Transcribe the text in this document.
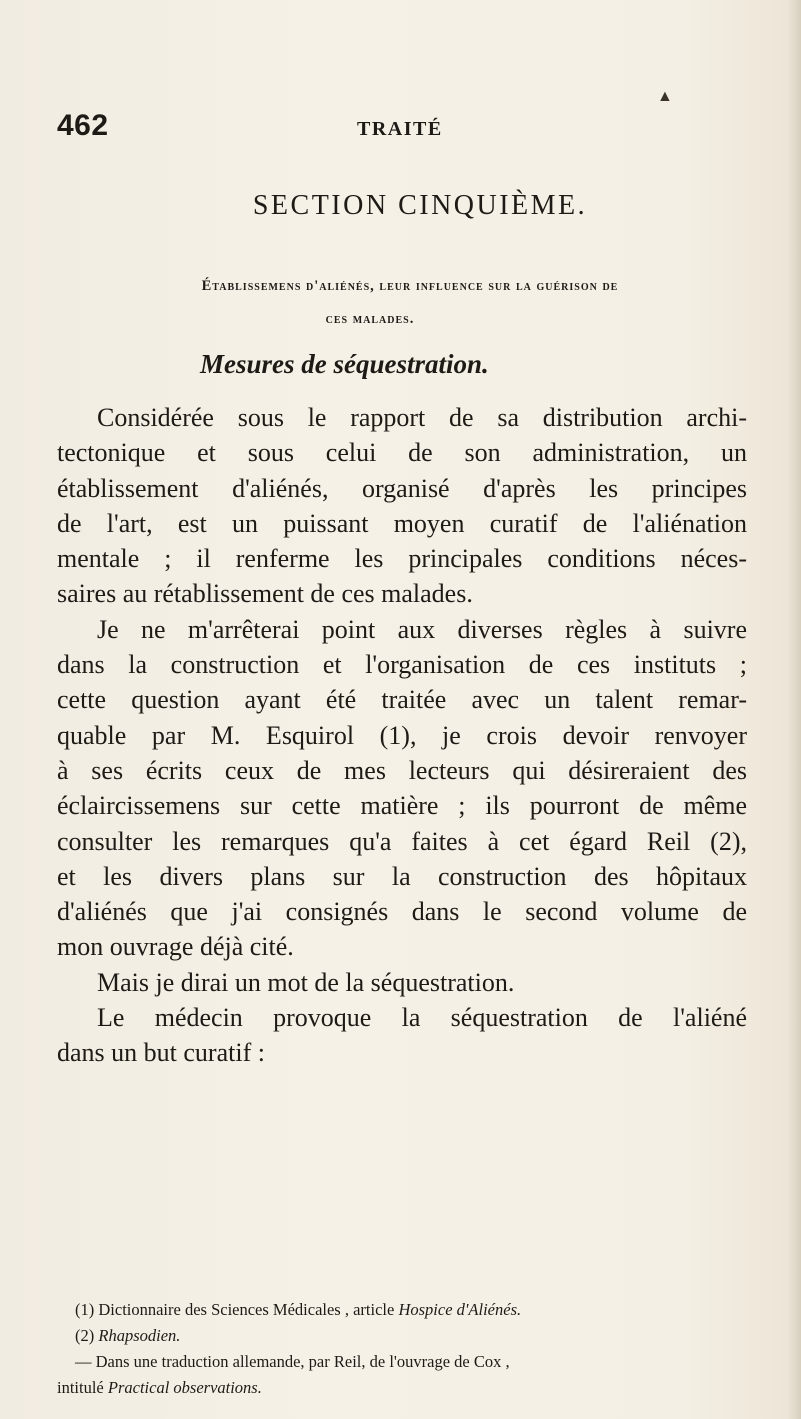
▲
462	TRAITÉ
SECTION CINQUIÈME.
Établissemens d'aliénés, leur influence sur la guérison de
ces malades.
Mesures de séquestration.

Considérée sous le rapport de sa distribution archi-
tectonique et sous celui de son administration, un
établissement d'aliénés, organisé d'après les principes
de l'art, est un puissant moyen curatif de l'aliénation
mentale ; il renferme les principales conditions néces-
saires au rétablissement de ces malades.

Je ne m'arrêterai point aux diverses règles à suivre
dans la construction et l'organisation de ces instituts ;
cette question ayant été traitée avec un talent remar-
quable par M. Esquirol (1), je crois devoir renvoyer
à ses écrits ceux de mes lecteurs qui désireraient des
éclaircissemens sur cette matière ; ils pourront de même
consulter les remarques qu'a faites à cet égard Reil (2),
et les divers plans sur la construction des hôpitaux
d'aliénés que j'ai consignés dans le second volume de
mon ouvrage déjà cité.

Mais je dirai un mot de la séquestration.

Le médecin provoque la séquestration de l'aliéné
dans un but curatif :

(1) Dictionnaire des Sciences Médicales , article Hospice d'Aliénés.
(2) Rhapsodien.
— Dans une traduction allemande, par Reil, de l'ouvrage de Cox ,
intitulé Practical observations.
